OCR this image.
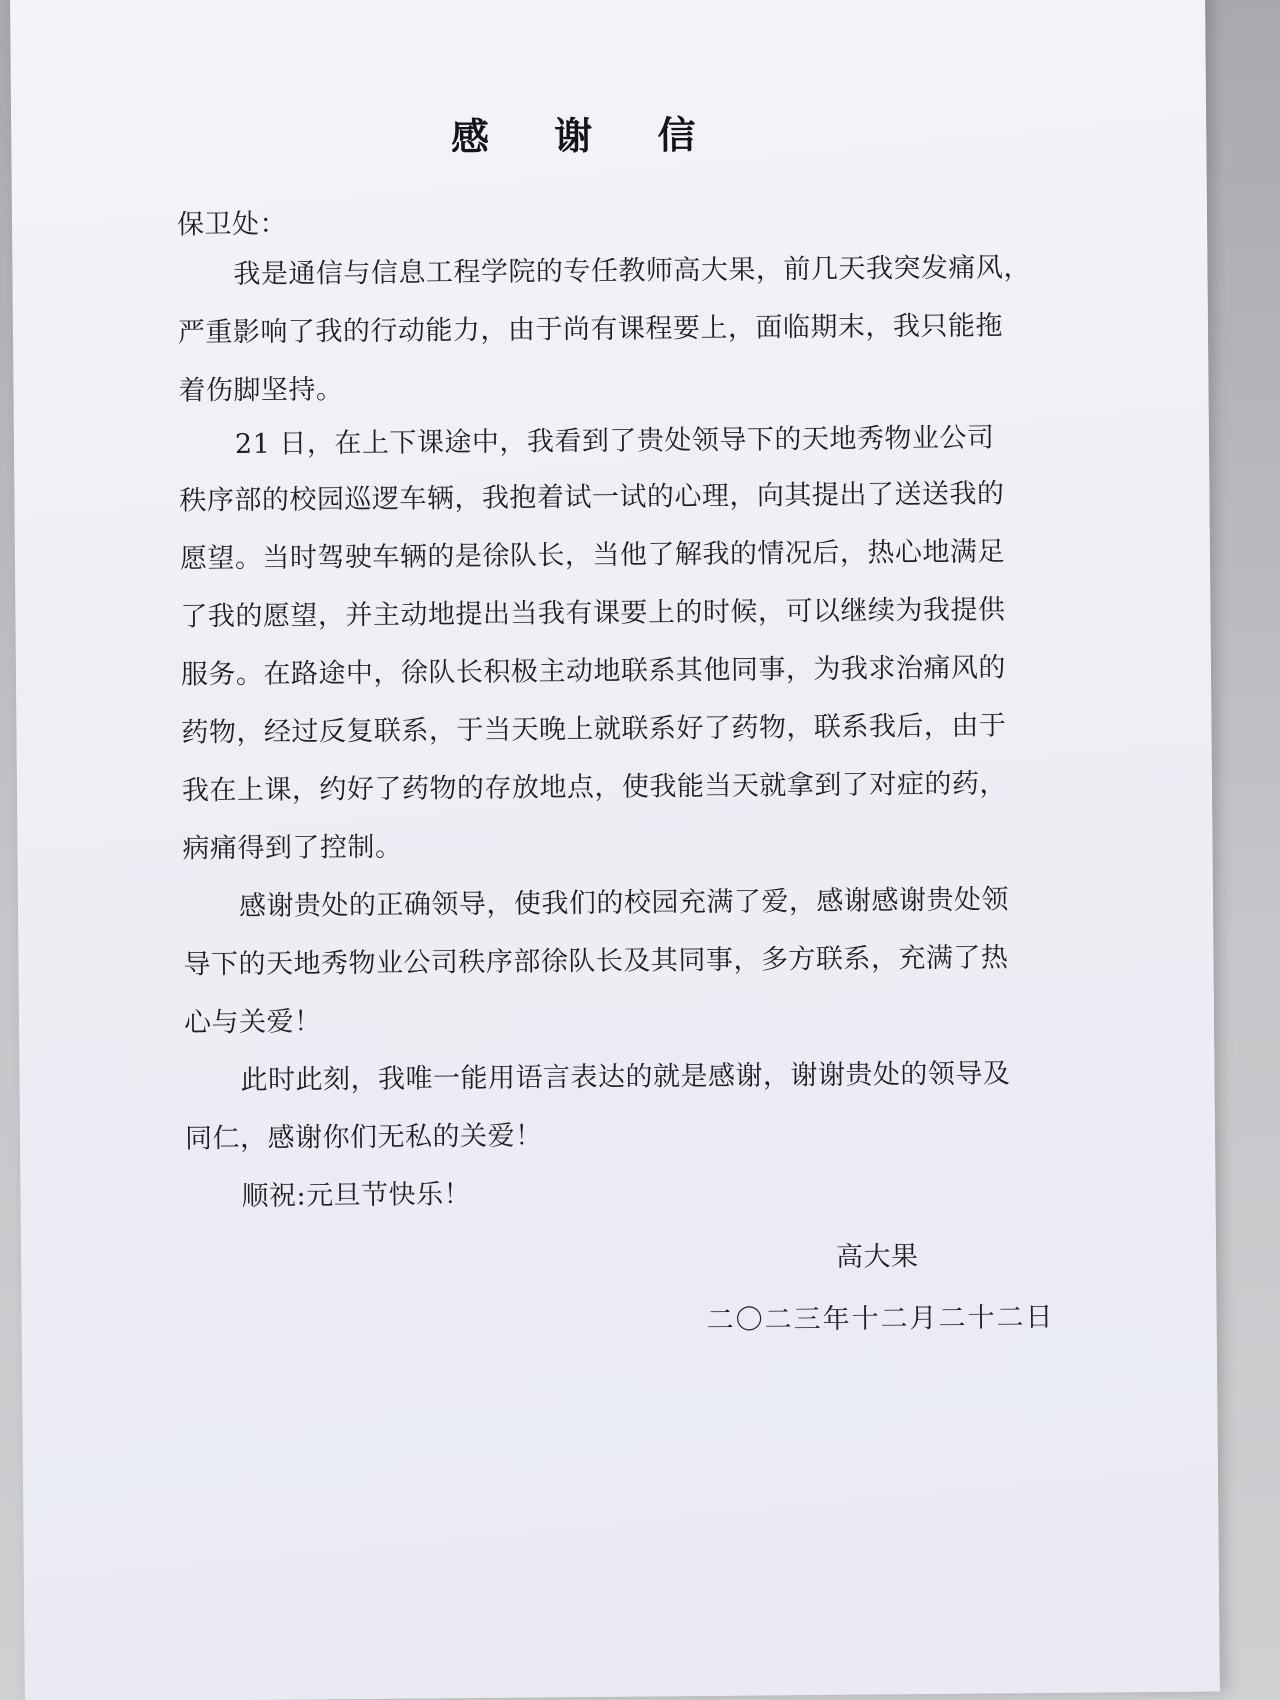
感 谢 信
保卫处：
我是通信与信息工程学院的专任教师高大果，前几天我突发痛风，
严重影响了我的行动能力，由于尚有课程要上，面临期末，我只能拖
着伤脚坚持。
21 日，在上下课途中，我看到了贵处领导下的天地秀物业公司
秩序部的校园巡逻车辆，我抱着试一试的心理，向其提出了送送我的
愿望。当时驾驶车辆的是徐队长，当他了解我的情况后，热心地满足
了我的愿望，并主动地提出当我有课要上的时候，可以继续为我提供
服务。在路途中，徐队长积极主动地联系其他同事，为我求治痛风的
药物，经过反复联系，于当天晚上就联系好了药物，联系我后，由于
我在上课，约好了药物的存放地点，使我能当天就拿到了对症的药，
病痛得到了控制。
感谢贵处的正确领导，使我们的校园充满了爱，感谢感谢贵处领
导下的天地秀物业公司秩序部徐队长及其同事，多方联系，充满了热
心与关爱！
此时此刻，我唯一能用语言表达的就是感谢，谢谢贵处的领导及
同仁，感谢你们无私的关爱！
顺祝:元旦节快乐！
高大果
二〇二三年十二月二十二日
